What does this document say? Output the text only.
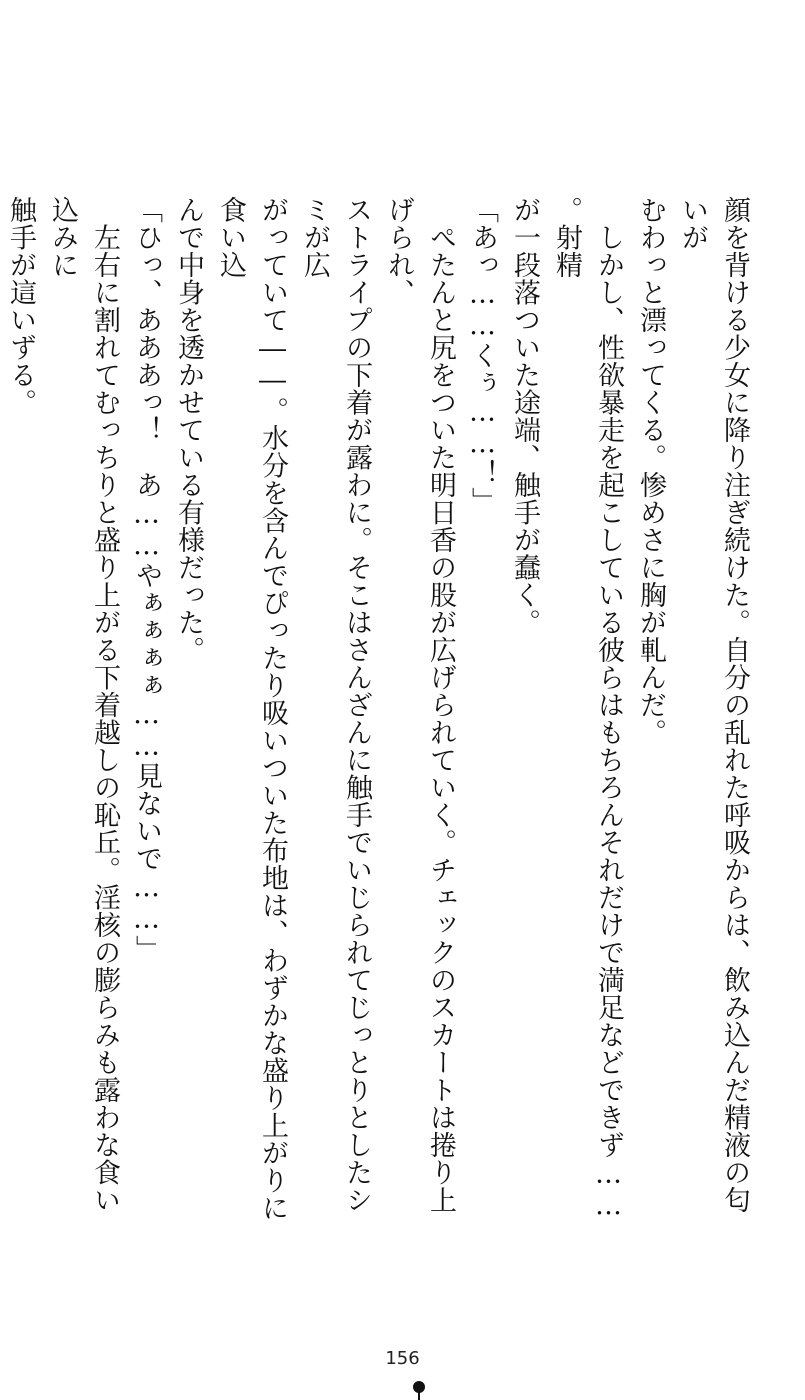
顔を背ける少女に降り注ぎ続けた。自分の乱れた呼吸からは、飲み込んだ精液の匂いが
むわっと漂ってくる。惨めさに胸が軋んだ。
　しかし、性欲暴走を起こしている彼らはもちろんそれだけで満足などできず……。射精
が一段落ついた途端、触手が蠢く。
「あっ……くぅ……！」
　ぺたんと尻をついた明日香の股が広げられていく。チェックのスカートは捲り上げられ、
ストライプの下着が露わに。そこはさんざんに触手でいじられてじっとりとしたシミが広
がっていて――。水分を含んでぴったり吸いついた布地は、わずかな盛り上がりに食い込
んで中身を透かせている有様だった。
「ひっ、あああっ！　あ……やぁぁぁぁ……見ないで……」
　左右に割れてむっちりと盛り上がる下着越しの恥丘。淫核の膨らみも露わな食い込みに
触手が這いずる。
156
